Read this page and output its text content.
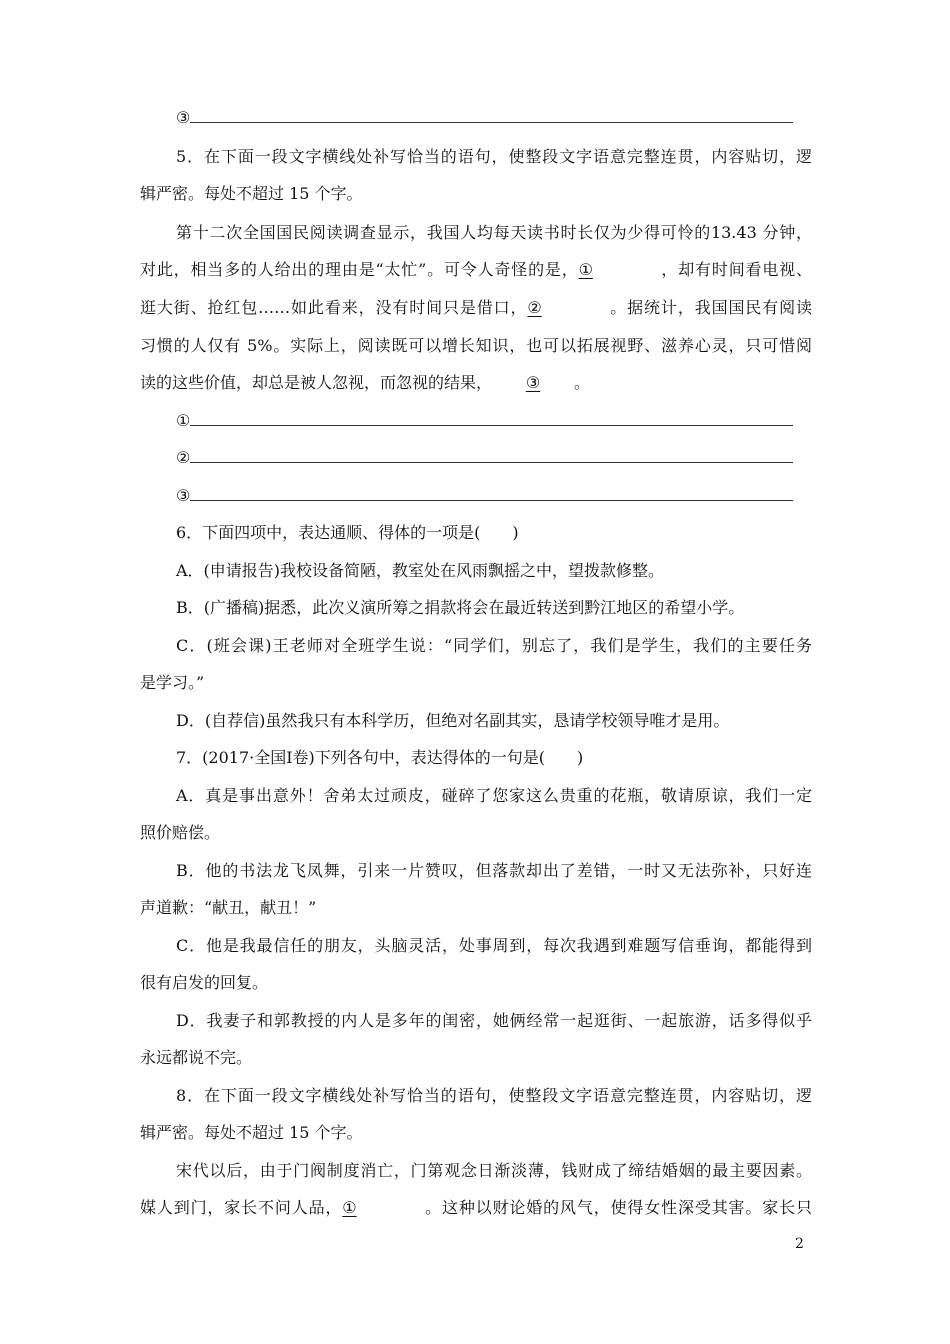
③
5．在下面一段文字横线处补写恰当的语句，使整段文字语意完整连贯，内容贴切，逻
辑严密。每处不超过 15 个字。
第十二次全国国民阅读调查显示，我国人均每天读书时长仅为少得可怜的13.43 分钟，
对此，相当多的人给出的理由是“太忙”。可令人奇怪的是，①	，却有时间看电视、
逛大街、抢红包……如此看来，没有时间只是借口，②	。据统计，我国国民有阅读
习惯的人仅有 5%。实际上，阅读既可以增长知识，也可以拓展视野、滋养心灵，只可惜阅
读的这些价值，却总是被人忽视，而忽视的结果， ③ 。
①
②
③
6．下面四项中，表达通顺、得体的一项是(　　)
A．(申请报告)我校设备简陋，教室处在风雨飘摇之中，望拨款修整。
B．(广播稿)据悉，此次义演所筹之捐款将会在最近转送到黔江地区的希望小学。
C．(班会课)王老师对全班学生说：“同学们，别忘了，我们是学生，我们的主要任务
是学习。”
D．(自荐信)虽然我只有本科学历，但绝对名副其实，恳请学校领导唯才是用。
7．(2017·全国Ⅰ卷)下列各句中，表达得体的一句是(　　)
A．真是事出意外！舍弟太过顽皮，碰碎了您家这么贵重的花瓶，敬请原谅，我们一定
照价赔偿。
B．他的书法龙飞凤舞，引来一片赞叹，但落款却出了差错，一时又无法弥补，只好连
声道歉：“献丑，献丑！”
C．他是我最信任的朋友，头脑灵活，处事周到，每次我遇到难题写信垂询，都能得到
很有启发的回复。
D．我妻子和郭教授的内人是多年的闺密，她俩经常一起逛街、一起旅游，话多得似乎
永远都说不完。
8．在下面一段文字横线处补写恰当的语句，使整段文字语意完整连贯，内容贴切，逻
辑严密。每处不超过 15 个字。
宋代以后，由于门阀制度消亡，门第观念日渐淡薄，钱财成了缔结婚姻的最主要因素。
媒人到门，家长不问人品，①	。这种以财论婚的风气，使得女性深受其害。家长只
2
